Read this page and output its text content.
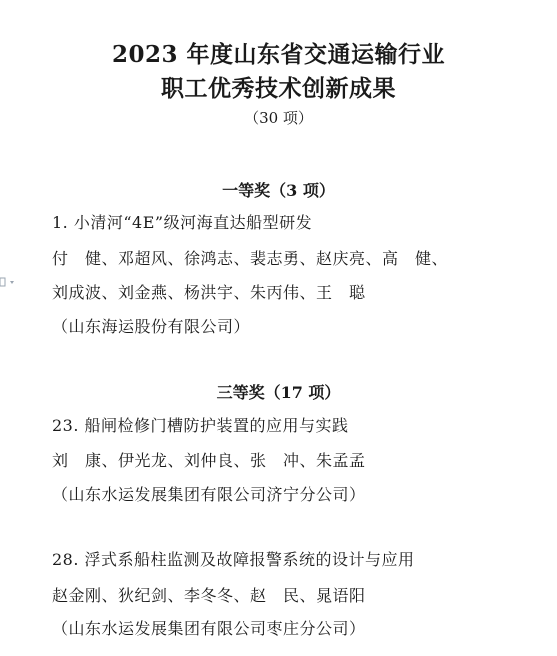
2023 年度山东省交通运输行业
职工优秀技术创新成果
（30 项）
一等奖（3 项）
1. 小清河“4E”级河海直达船型研发
付　健、邓超风、徐鸿志、裴志勇、赵庆亮、高　健、
刘成波、刘金燕、杨洪宇、朱丙伟、王　聪
（山东海运股份有限公司）
三等奖（17 项）
23. 船闸检修门槽防护装置的应用与实践
刘　康、伊光龙、刘仲良、张　冲、朱孟孟
（山东水运发展集团有限公司济宁分公司）
28. 浮式系船柱监测及故障报警系统的设计与应用
赵金刚、狄纪剑、李冬冬、赵　民、晁语阳
（山东水运发展集团有限公司枣庄分公司）
